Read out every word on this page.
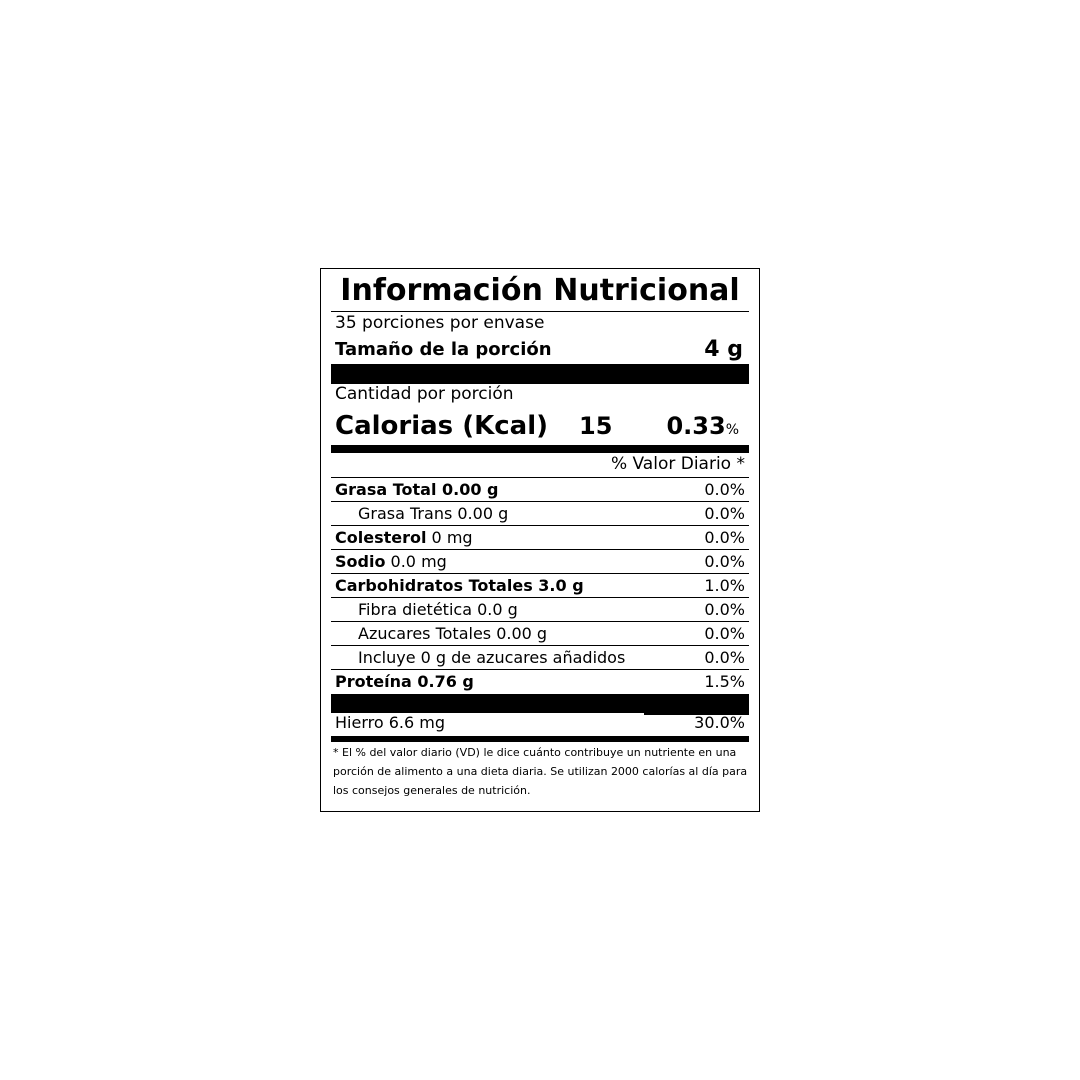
Información Nutricional
35 porciones por envase
Tamaño de la porción	4 g
Cantidad por porción
Calorias (Kcal) 15 0.33%
% Valor Diario *
Grasa Total 0.00 g	0.0%
Grasa Trans 0.00 g	0.0%
Colesterol 0 mg	0.0%
Sodio 0.0 mg	0.0%
Carbohidratos Totales 3.0 g	1.0%
Fibra dietética 0.0 g	0.0%
Azucares Totales 0.00 g	0.0%
Incluye 0 g de azucares añadidos	0.0%
Proteína 0.76 g	1.5%
Hierro 6.6 mg	30.0%
* El % del valor diario (VD) le dice cuánto contribuye un nutriente en una porción de alimento a una dieta diaria. Se utilizan 2000 calorías al día para los consejos generales de nutrición.
